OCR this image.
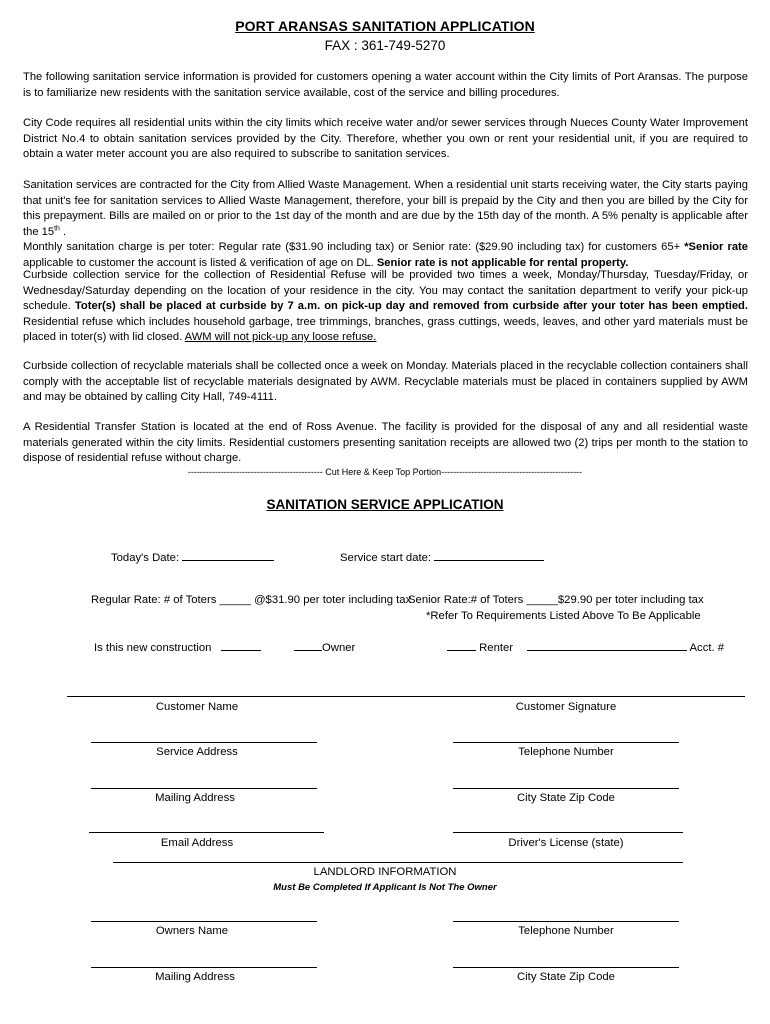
PORT ARANSAS SANITATION APPLICATION
FAX : 361-749-5270
The following sanitation service information is provided for customers opening a water account within the City limits of Port Aransas. The purpose is to familiarize new residents with the sanitation service available, cost of the service and billing procedures.
City Code requires all residential units within the city limits which receive water and/or sewer services through Nueces County Water Improvement District No.4 to obtain sanitation services provided by the City. Therefore, whether you own or rent your residential unit, if you are required to obtain a water meter account you are also required to subscribe to sanitation services.
Sanitation services are contracted for the City from Allied Waste Management. When a residential unit starts receiving water, the City starts paying that unit's fee for sanitation services to Allied Waste Management, therefore, your bill is prepaid by the City and then you are billed by the City for this prepayment. Bills are mailed on or prior to the 1st day of the month and are due by the 15th day of the month. A 5% penalty is applicable after the 15th .
Monthly sanitation charge is per toter: Regular rate ($31.90 including tax) or Senior rate: ($29.90 including tax) for customers 65+ *Senior rate applicable to customer the account is listed & verification of age on DL. Senior rate is not applicable for rental property.
Curbside collection service for the collection of Residential Refuse will be provided two times a week, Monday/Thursday, Tuesday/Friday, or Wednesday/Saturday depending on the location of your residence in the city. You may contact the sanitation department to verify your pick-up schedule. Toter(s) shall be placed at curbside by 7 a.m. on pick-up day and removed from curbside after your toter has been emptied. Residential refuse which includes household garbage, tree trimmings, branches, grass cuttings, weeds, leaves, and other yard materials must be placed in toter(s) with lid closed. AWM will not pick-up any loose refuse.
Curbside collection of recyclable materials shall be collected once a week on Monday. Materials placed in the recyclable collection containers shall comply with the acceptable list of recyclable materials designated by AWM. Recyclable materials must be placed in containers supplied by AWM and may be obtained by calling City Hall, 749-4111.
A Residential Transfer Station is located at the end of Ross Avenue. The facility is provided for the disposal of any and all residential waste materials generated within the city limits. Residential customers presenting sanitation receipts are allowed two (2) trips per month to the station to dispose of residential refuse without charge.
--------------------------------------------- Cut Here & Keep Top Portion-----------------------------------------------
SANITATION SERVICE APPLICATION
Today's Date:	Service start date:
Regular Rate: # of Toters _____ @$31.90 per toter including tax
Senior Rate:# of Toters _____$29.90 per toter including tax
*Refer To Requirements Listed Above To Be Applicable
Is this new construction	Owner	Renter	Acct. #
Customer Name	Customer Signature
Service Address	Telephone Number
Mailing Address	City State Zip Code
Email Address	Driver's License (state)
LANDLORD INFORMATION
Must Be Completed If Applicant Is Not The Owner
Owners Name	Telephone Number
Mailing Address	City State Zip Code
